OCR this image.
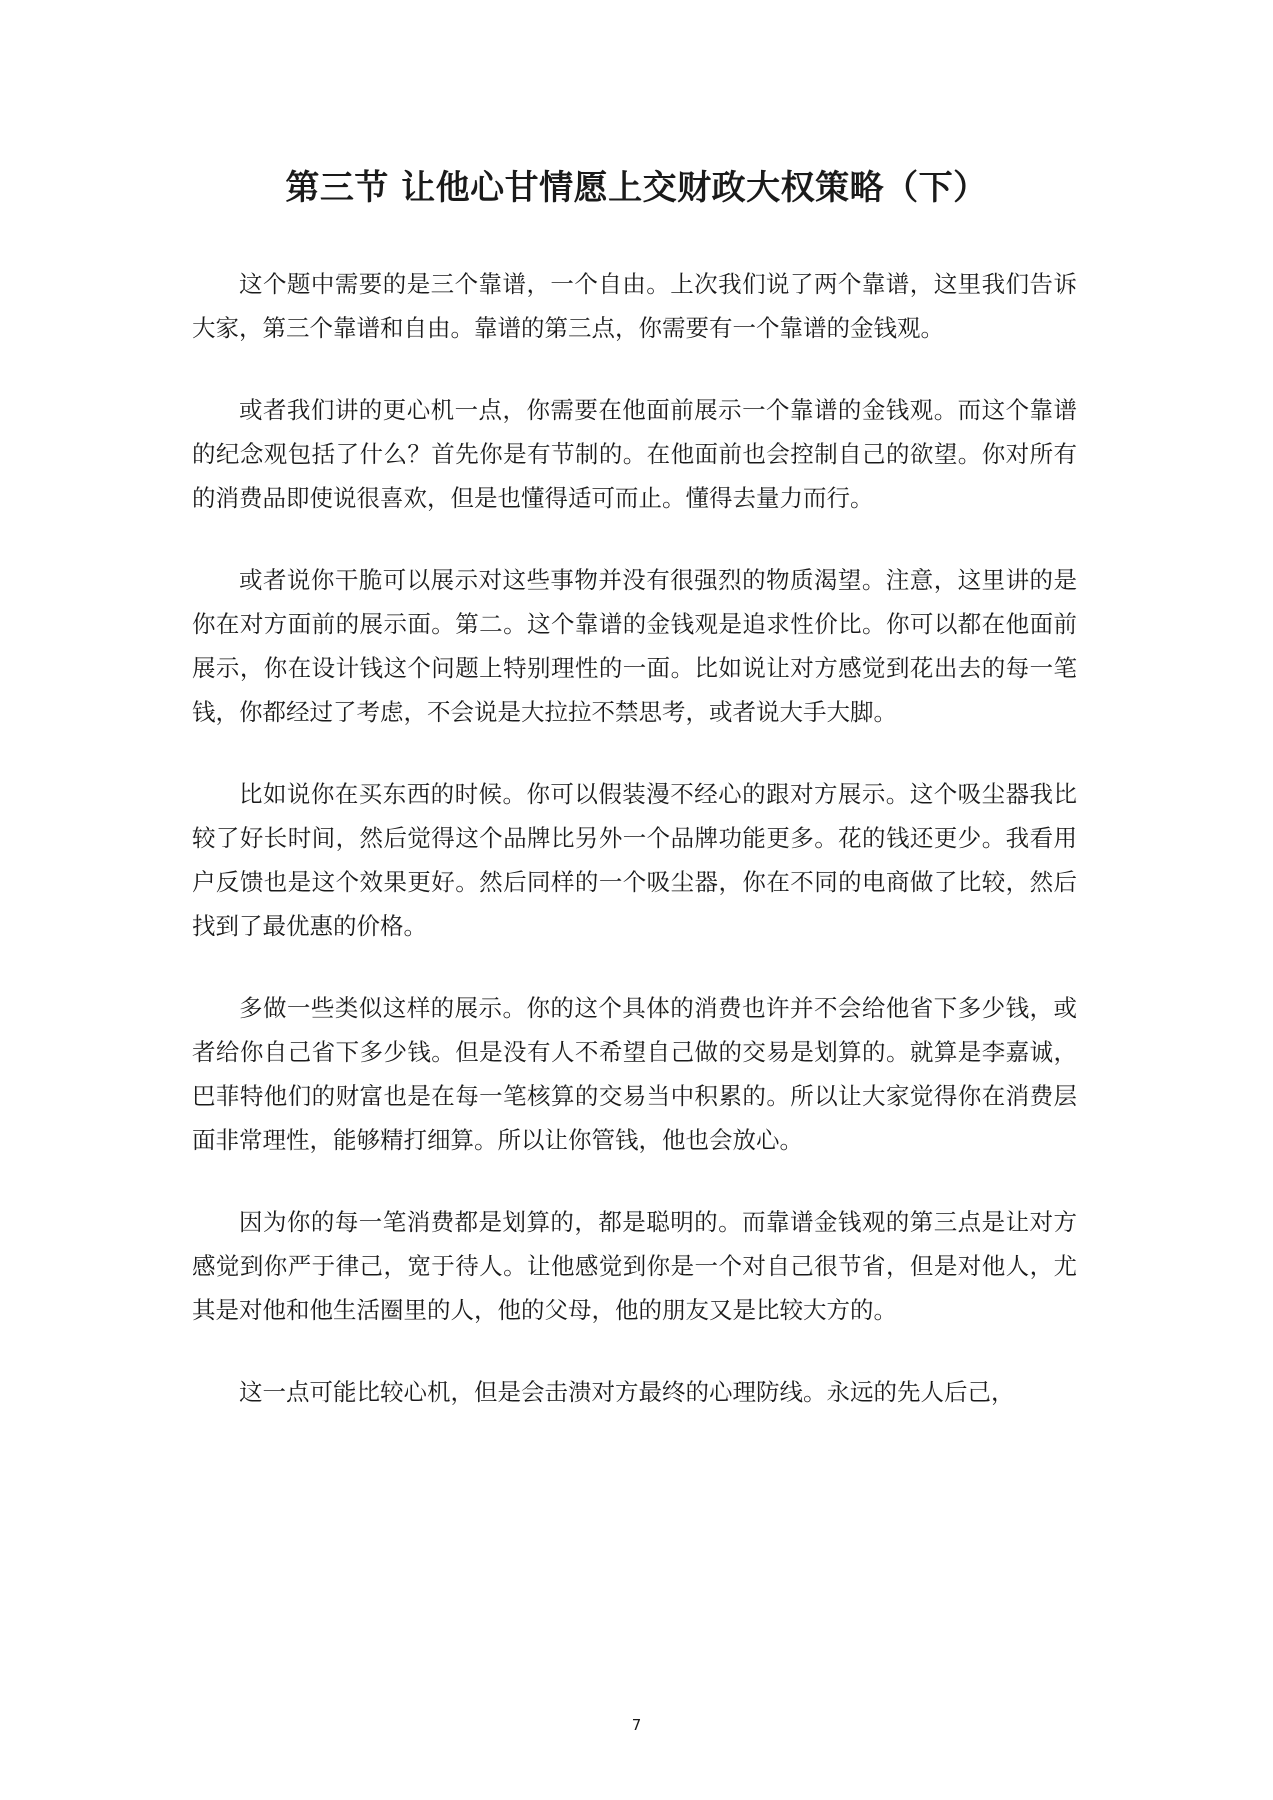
第三节 让他心甘情愿上交财政大权策略（下）

这个题中需要的是三个靠谱，一个自由。上次我们说了两个靠谱，这里我们告诉大家，第三个靠谱和自由。靠谱的第三点，你需要有一个靠谱的金钱观。

或者我们讲的更心机一点，你需要在他面前展示一个靠谱的金钱观。而这个靠谱的纪念观包括了什么？首先你是有节制的。在他面前也会控制自己的欲望。你对所有的消费品即使说很喜欢，但是也懂得适可而止。懂得去量力而行。

或者说你干脆可以展示对这些事物并没有很强烈的物质渴望。注意，这里讲的是你在对方面前的展示面。第二。这个靠谱的金钱观是追求性价比。你可以都在他面前展示，你在设计钱这个问题上特别理性的一面。比如说让对方感觉到花出去的每一笔钱，你都经过了考虑，不会说是大拉拉不禁思考，或者说大手大脚。

比如说你在买东西的时候。你可以假装漫不经心的跟对方展示。这个吸尘器我比较了好长时间，然后觉得这个品牌比另外一个品牌功能更多。花的钱还更少。我看用户反馈也是这个效果更好。然后同样的一个吸尘器，你在不同的电商做了比较，然后找到了最优惠的价格。

多做一些类似这样的展示。你的这个具体的消费也许并不会给他省下多少钱，或者给你自己省下多少钱。但是没有人不希望自己做的交易是划算的。就算是李嘉诚，巴菲特他们的财富也是在每一笔核算的交易当中积累的。所以让大家觉得你在消费层面非常理性，能够精打细算。所以让你管钱，他也会放心。

因为你的每一笔消费都是划算的，都是聪明的。而靠谱金钱观的第三点是让对方感觉到你严于律己，宽于待人。让他感觉到你是一个对自己很节省，但是对他人，尤其是对他和他生活圈里的人，他的父母，他的朋友又是比较大方的。

这一点可能比较心机，但是会击溃对方最终的心理防线。永远的先人后己，

7
